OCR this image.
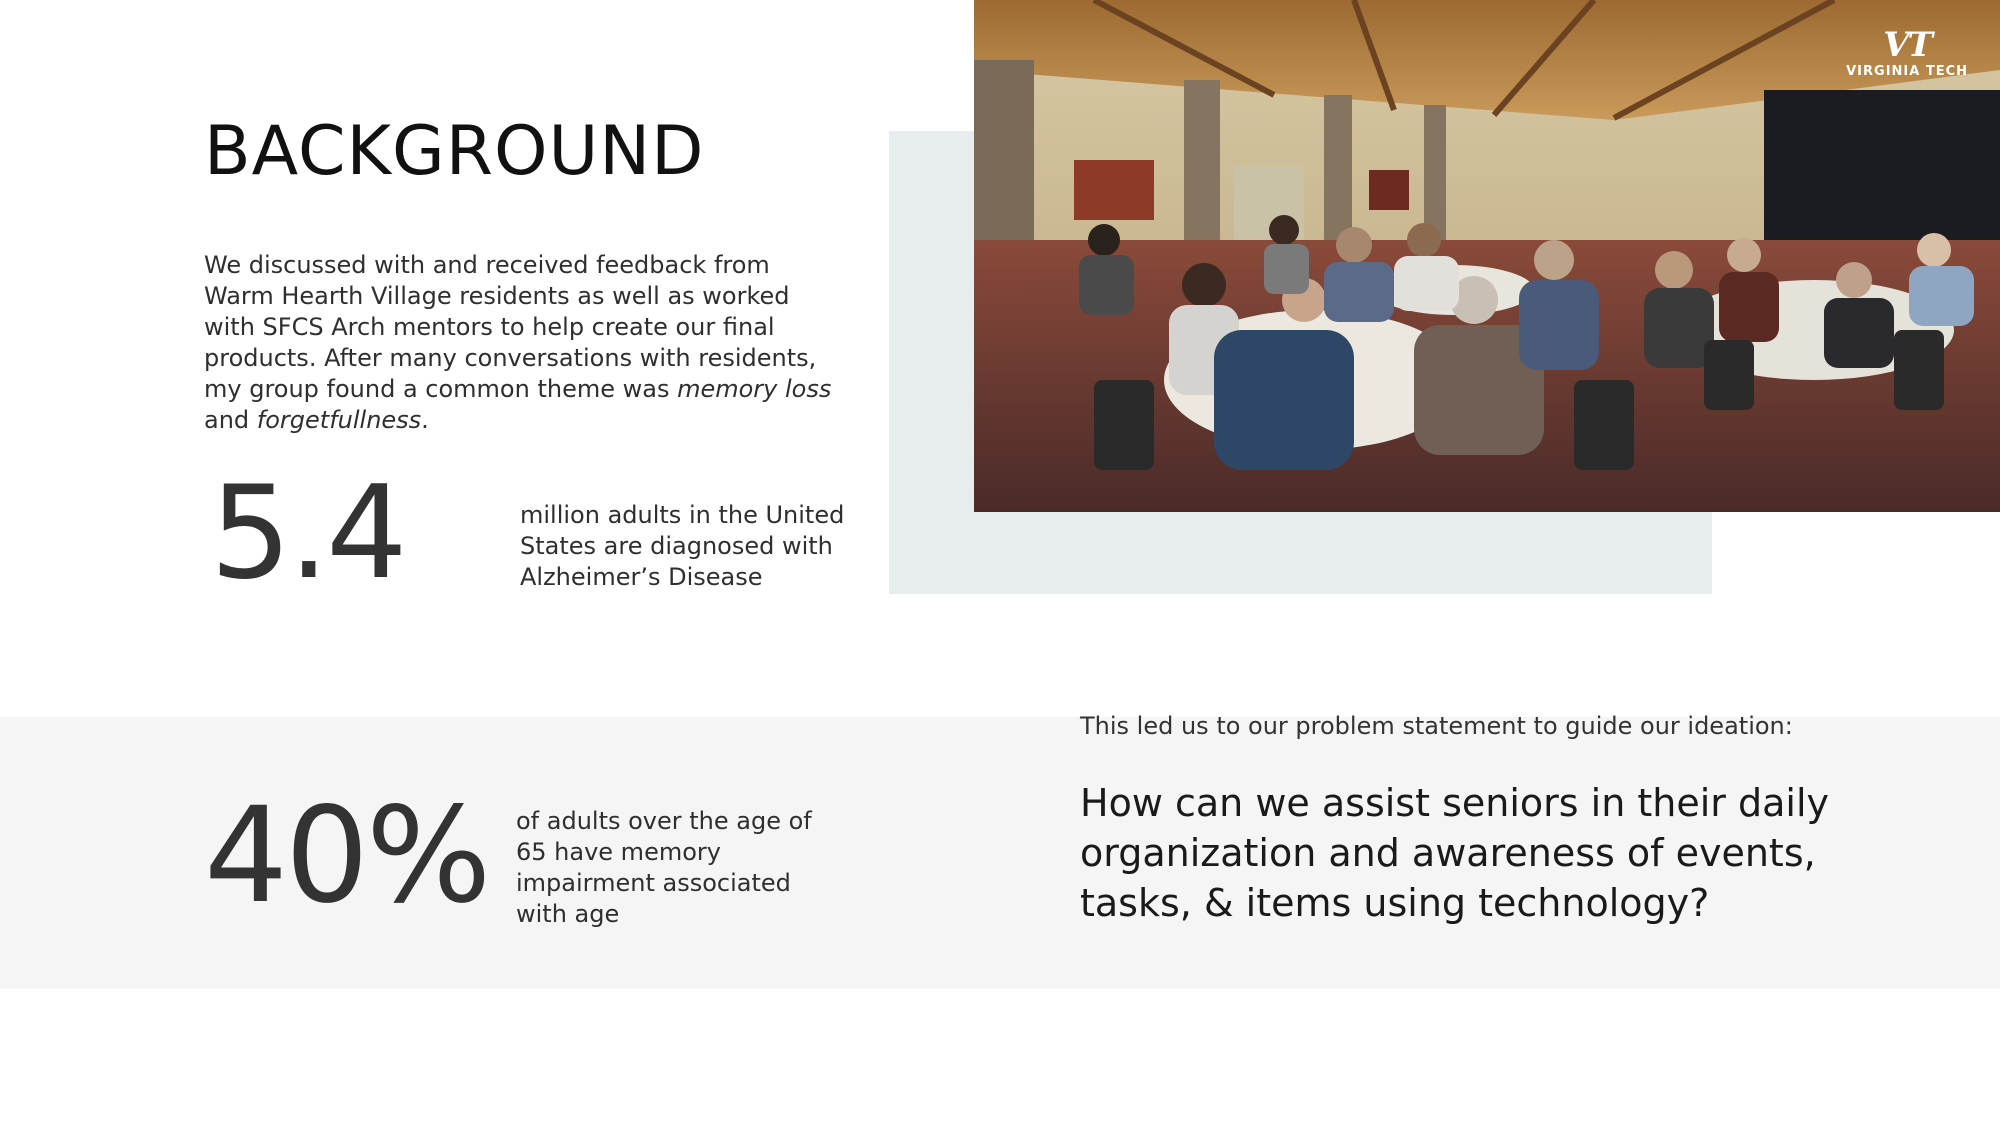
BACKGROUND
We discussed with and received feedback from Warm Hearth Village residents as well as worked with SFCS Arch mentors to help create our final products. After many conversations with residents, my group found a common theme was memory loss and forgetfullness.
5.4	million adults in the United States are diagnosed with Alzheimer’s Disease
VT
VIRGINIA TECH
This led us to our problem statement to guide our ideation:
40% of adults over the age of 65 have memory impairment associated with age
How can we assist seniors in their daily organization and awareness of events, tasks, & items using technology?
